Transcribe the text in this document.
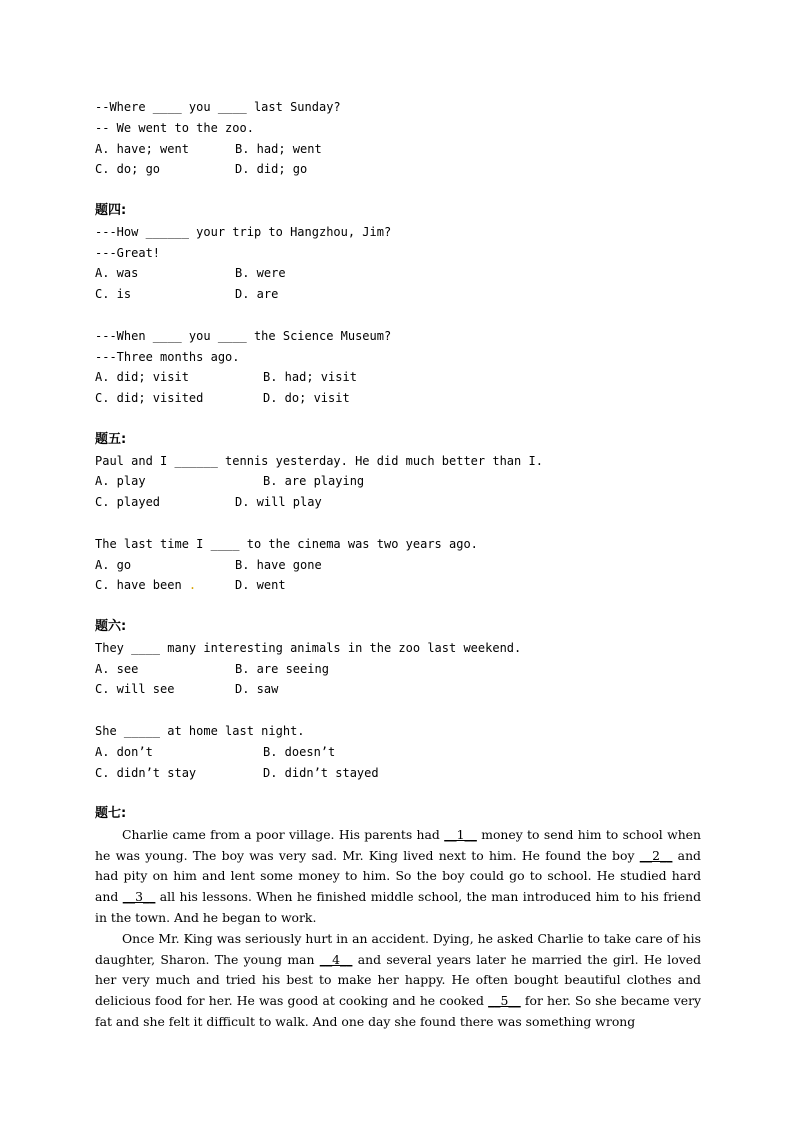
--Where ____ you ____ last Sunday?
-- We went to the zoo.
A. have; went	B. had; went
C. do; go	D. did; go
题四:
---How ______ your trip to Hangzhou, Jim?
---Great!
A. was	B. were
C. is	D. are
---When ____ you ____ the Science Museum?
---Three months ago.
A. did; visit	B. had; visit
C. did; visited	D. do; visit
题五:
Paul and I ______ tennis yesterday. He did much better than I.
A. play	B. are playing
C. played	D. will play
The last time I ____ to the cinema was two years ago.
A. go	B. have gone
C. have been .	D. went
题六:
They ____ many interesting animals in the zoo last weekend.
A. see	B. are seeing
C. will see	D. saw
She _____ at home last night.
A. don’t	B. doesn’t
C. didn’t stay	D. didn’t stayed
题七:

Charlie came from a poor village. His parents had __1__ money to send him to school when he was young. The boy was very sad. Mr. King lived next to him. He found the boy __2__ and had pity on him and lent some money to him. So the boy could go to school. He studied hard and __3__ all his lessons. When he finished middle school, the man introduced him to his friend in the town. And he began to work.

Once Mr. King was seriously hurt in an accident. Dying, he asked Charlie to take care of his daughter, Sharon. The young man __4__ and several years later he married the girl. He loved her very much and tried his best to make her happy. He often bought beautiful clothes and delicious food for her. He was good at cooking and he cooked __5__ for her. So she became very fat and she felt it difficult to walk. And one day she found there was something wrong
